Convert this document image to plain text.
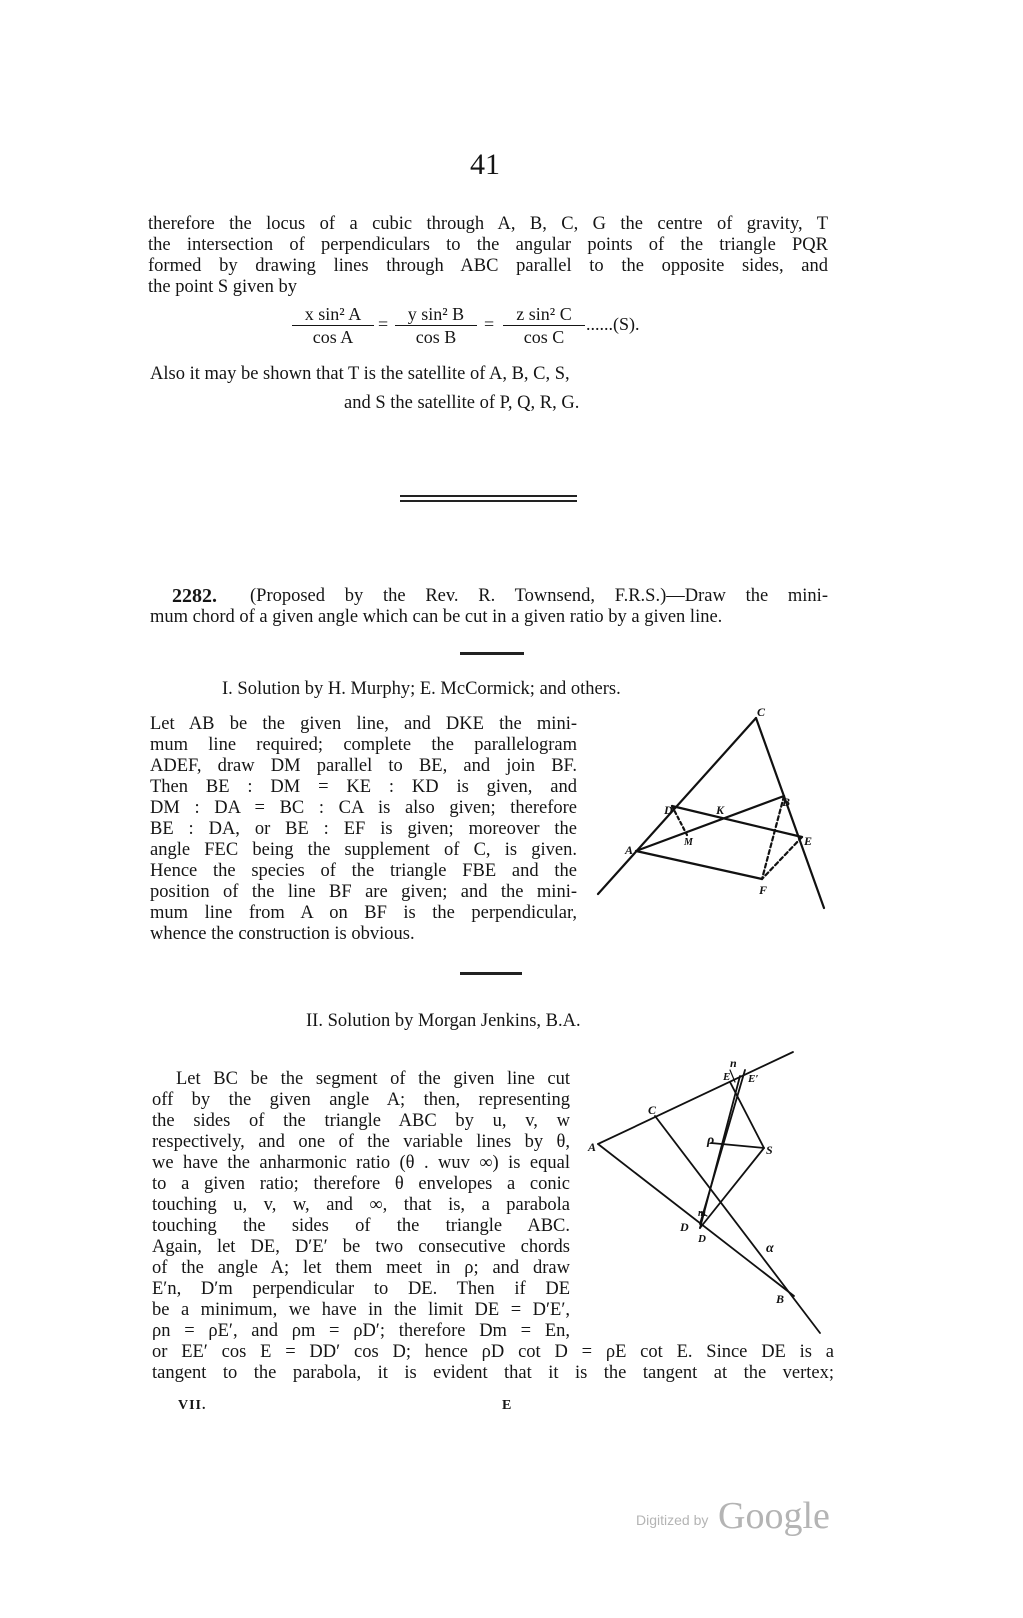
41
therefore the locus of a cubic through A, B, C, G the centre of gravity, T
the intersection of perpendiculars to the angular points of the triangle PQR
formed by drawing lines through ABC parallel to the opposite sides, and
the point S given by
$\frac{\text{x sin² A}}{\text{cos A}} = \frac{\text{y sin² B}}{\text{cos B}} = \frac{\text{z sin² C}}{\text{cos C}} ......(S)$.
Also it may be shown that T is the satellite of A, B, C, S,
and S the satellite of P, Q, R, G.
2282. (Proposed by the Rev. R. Townsend, F.R.S.)—Draw the mini-
mum chord of a given angle which can be cut in a given ratio by a given line.
I. Solution by H. Murphy; E. McCormick; and others.
Let AB be the given line, and DKE the mini-
mum line required; complete the parallelogram
ADEF, draw DM parallel to BE, and join BF.
Then BE : DM = KE : KD is given, and
DM : DA = BC : CA is also given; therefore
BE : DA, or BE : EF is given; moreover the
angle FEC being the supplement of C, is given.
Hence the species of the triangle FBE and the
position of the line BF are given; and the mini-
mum line from A on BF is the perpendicular,
whence the construction is obvious.
C
B
D	K
E
A
M
F
II. Solution by Morgan Jenkins, B.A.
Let BC be the segment of the given line cut
off by the given angle A; then, representing
the sides of the triangle ABC by u, v, w
respectively, and one of the variable lines by θ,
we have the anharmonic ratio (θ . wuv ∞) is equal
to a given ratio; therefore θ envelopes a conic
touching u, v, w, and ∞, that is, a parabola
touching the sides of the triangle ABC.
Again, let DE, D′E′ be two consecutive chords
of the angle A; let them meet in ρ; and draw
E′n, D′m perpendicular to DE. Then if DE
be a minimum, we have in the limit DE = D′E′,
ρn = ρE′, and ρm = ρD′; therefore Dm = En,
or EE′ cos E = DD′ cos D; hence ρD cot D = ρE cot E. Since DE is a
tangent to the parabola, it is evident that it is the tangent at the vertex;
n
E E′
C
A	ρ
S
m
D
D
α
B
VII.	E
Digitized by Google
